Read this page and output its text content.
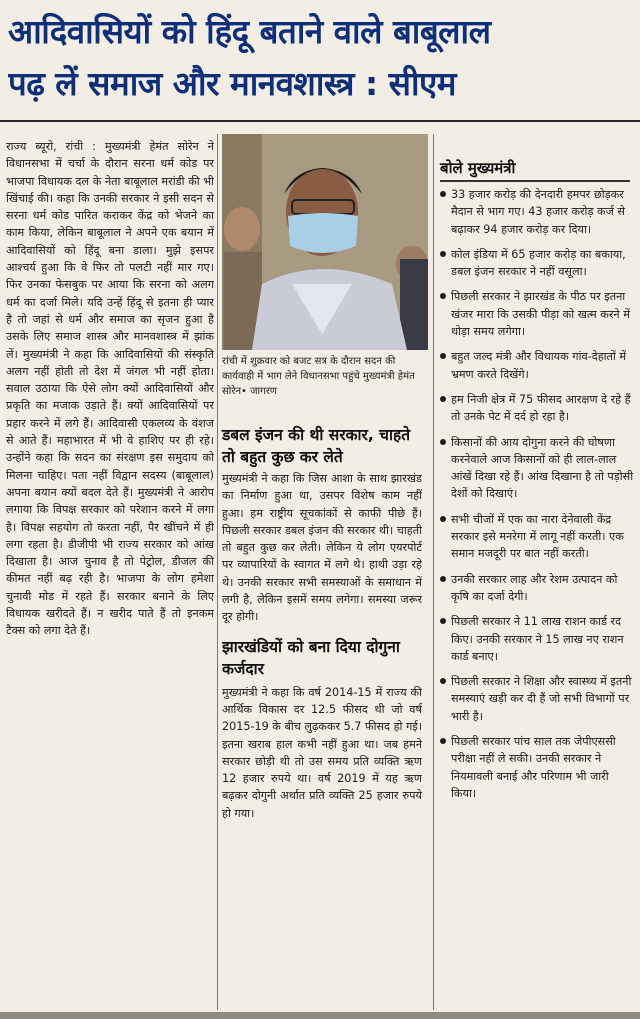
आदिवासियों को हिंदू बताने वाले बाबूलाल
पढ़ लें समाज और मानवशास्त्र : सीएम

राज्य ब्यूरो, रांची : मुख्यमंत्री हेमंत सोरेन ने विधानसभा में चर्चा के दौरान सरना धर्म कोड पर भाजपा विधायक दल के नेता बाबूलाल मरांडी की भी खिंचाई की। कहा कि उनकी सरकार ने इसी सदन से सरना धर्म कोड पारित कराकर केंद्र को भेजने का काम किया, लेकिन बाबूलाल ने अपने एक बयान में आदिवासियों को हिंदू बना डाला। मुझे इसपर आश्चर्य हुआ कि वे फिर तो पलटी नहीं मार गए। फिर उनका फेसबुक पर आया कि सरना को अलग धर्म का दर्जा मिले। यदि उन्हें हिंदू से इतना ही प्यार है तो जहां से धर्म और समाज का सृजन हुआ है उसके लिए समाज शास्त्र और मानवशास्त्र में झांक लें। मुख्यमंत्री ने कहा कि आदिवासियों की संस्कृति अलग नहीं होती तो देश में जंगल भी नहीं होता। सवाल उठाया कि ऐसे लोग क्यों आदिवासियों और प्रकृति का मजाक उड़ाते हैं। क्यों आदिवासियों पर प्रहार करने में लगे हैं। आदिवासी एकलव्य के वंशज से आते हैं। महाभारत में भी वे हाशिए पर ही रहे। उन्होंने कहा कि सदन का संरक्षण इस समुदाय को मिलना चाहिए। पता नहीं विद्वान सदस्य (बाबूलाल) अपना बयान क्यों बदल देते हैं। मुख्यमंत्री ने आरोप लगाया कि विपक्ष सरकार को परेशान करने में लगा है। विपक्ष सहयोग तो करता नहीं, पैर खींचने में ही लगा रहता है। डीजीपी भी राज्य सरकार को आंख दिखाता है। आज चुनाव है तो पेट्रोल, डीजल की कीमत नहीं बढ़ रही है। भाजपा के लोग हमेशा चुनावी मोड में रहते हैं। सरकार बनाने के लिए विधायक खरीदते हैं। न खरीद पाते हैं तो इनकम टैक्स को लगा देते हैं।

रांची में शुक्रवार को बजट सत्र के दौरान सदन की कार्यवाही में भाग लेने विधानसभा पहुंचे मुख्यमंत्री हेमंत सोरेन• जागरण
डबल इंजन की थी सरकार, चाहते तो बहुत कुछ कर लेते

मुख्यमंत्री ने कहा कि जिस आशा के साथ झारखंड का निर्माण हुआ था, उसपर विशेष काम नहीं हुआ। हम राष्ट्रीय सूचकांकों से काफी पीछे हैं। पिछली सरकार डबल इंजन की सरकार थी। चाहती तो बहुत कुछ कर लेती। लेकिन ये लोग एयरपोर्ट पर व्यापारियों के स्वागत में लगे थे। हाथी उड़ा रहे थे। उनकी सरकार सभी समस्याओं के समाधान में लगी है, लेकिन इसमें समय लगेगा। समस्या जरूर दूर होगी।

झारखंडियों को बना दिया दोगुना कर्जदार

मुख्यमंत्री ने कहा कि वर्ष 2014-15 में राज्य की आर्थिक विकास दर 12.5 फीसद थी जो वर्ष 2015-19 के बीच लुढ़ककर 5.7 फीसद हो गई। इतना खराब हाल कभी नहीं हुआ था। जब हमने सरकार छोड़ी थी तो उस समय प्रति व्यक्ति ऋण 12 हजार रुपये था। वर्ष 2019 में यह ऋण बढ़कर दोगुनी अर्थात प्रति व्यक्ति 25 हजार रुपये हो गया।

बोले मुख्यमंत्री
33 हजार करोड़ की देनदारी हमपर छोड़कर मैदान से भाग गए। 43 हजार करोड़ कर्ज से बढ़ाकर 94 हजार करोड़ कर दिया।
कोल इंडिया में 65 हजार करोड़ का बकाया, डबल इंजन सरकार ने नहीं वसूला।
पिछली सरकार ने झारखंड के पीठ पर इतना खंजर मारा कि उसकी पीड़ा को खत्म करने में थोड़ा समय लगेगा।
बहुत जल्द मंत्री और विधायक गांव-देहातों में भ्रमण करते दिखेंगे।
हम निजी क्षेत्र में 75 फीसद आरक्षण दे रहे हैं तो उनके पेट में दर्द हो रहा है।
किसानों की आय दोगुना करने की घोषणा करनेवाले आज किसानों को ही लाल-लाल आंखें दिखा रहे हैं। आंख दिखाना है तो पड़ोसी देशों को दिखाएं।
सभी चीजों में एक का नारा देनेवाली केंद्र सरकार इसे मनरेगा में लागू नहीं करती। एक समान मजदूरी पर बात नहीं करती।
उनकी सरकार लाह और रेशम उत्पादन को कृषि का दर्जा देगी।
पिछली सरकार ने 11 लाख राशन कार्ड रद किए। उनकी सरकार ने 15 लाख नए राशन कार्ड बनाए।
पिछली सरकार ने शिक्षा और स्वास्थ्य में इतनी समस्याएं खड़ी कर दी हैं जो सभी विभागों पर भारी है।
पिछली सरकार पांच साल तक जेपीएससी परीक्षा नहीं ले सकी। उनकी सरकार ने नियमावली बनाई और परिणाम भी जारी किया।
